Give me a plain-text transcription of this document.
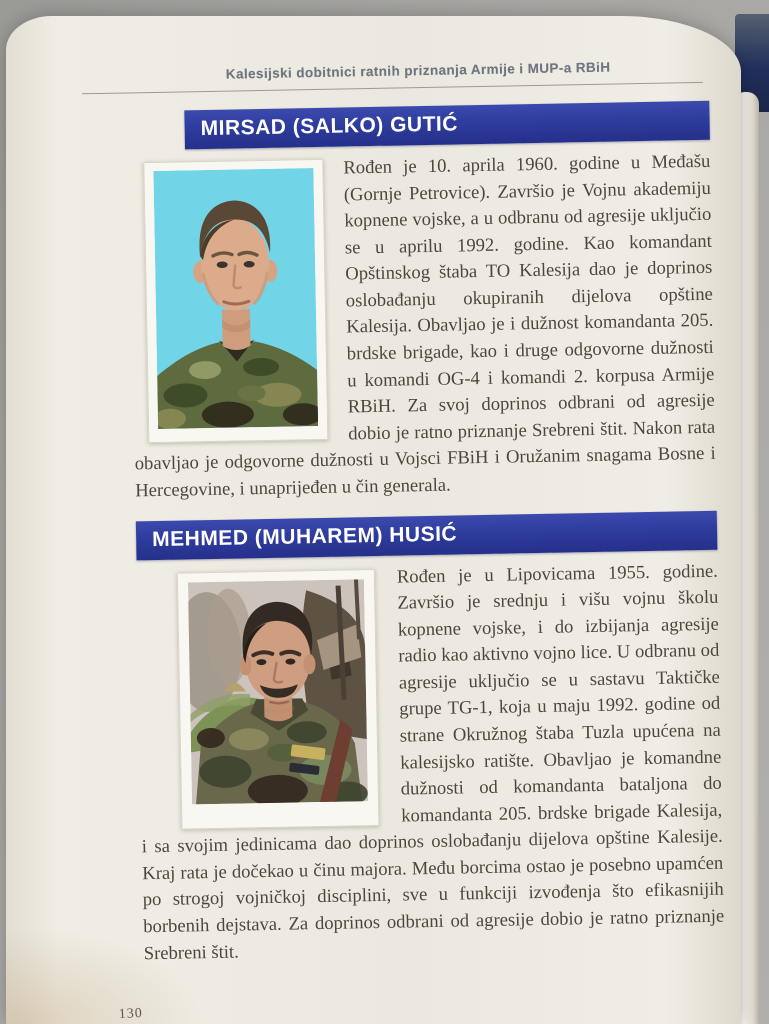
Kalesijski dobitnici ratnih priznanja Armije i MUP-a RBiH
MIRSAD (SALKO) GUTIĆ
Rođen je 10. aprila 1960. godine u Međašu (Gornje Petrovice). Završio je Vojnu akademiju kopnene vojske, a u odbranu od agresije uključio se u aprilu 1992. godine. Kao komandant Opštinskog štaba TO Kalesija dao je doprinos oslobađanju okupiranih dijelova opštine Kalesija. Obavljao je i dužnost komandanta 205. brdske brigade, kao i druge odgovorne dužnosti u komandi OG-4 i komandi 2. korpusa Armije RBiH. Za svoj doprinos odbrani od agresije dobio je ratno priznanje Srebreni štit. Nakon rata obavljao je odgovorne dužnosti u Vojsci FBiH i Oružanim snagama Bosne i Hercegovine, i unaprijeđen u čin generala.
MEHMED (MUHAREM) HUSIĆ
Rođen je u Lipovicama 1955. godine. Završio je srednju i višu vojnu školu kopnene vojske, i do izbijanja agresije radio kao aktivno vojno lice. U odbranu od agresije uključio se u sastavu Taktičke grupe TG-1, koja u maju 1992. godine od strane Okružnog štaba Tuzla upućena na kalesijsko ratište. Obavljao je komandne dužnosti od komandanta bataljona do komandanta 205. brdske brigade Kalesija, i sa svojim jedinicama dao doprinos oslobađanju dijelova opštine Kalesije. Kraj rata je dočekao u činu majora. Među borcima ostao je posebno upamćen po strogoj vojničkoj disciplini, sve u funkciji izvođenja što efikasnijih borbenih dejstava. Za doprinos odbrani od agresije dobio je ratno priznanje Srebreni štit.
130
